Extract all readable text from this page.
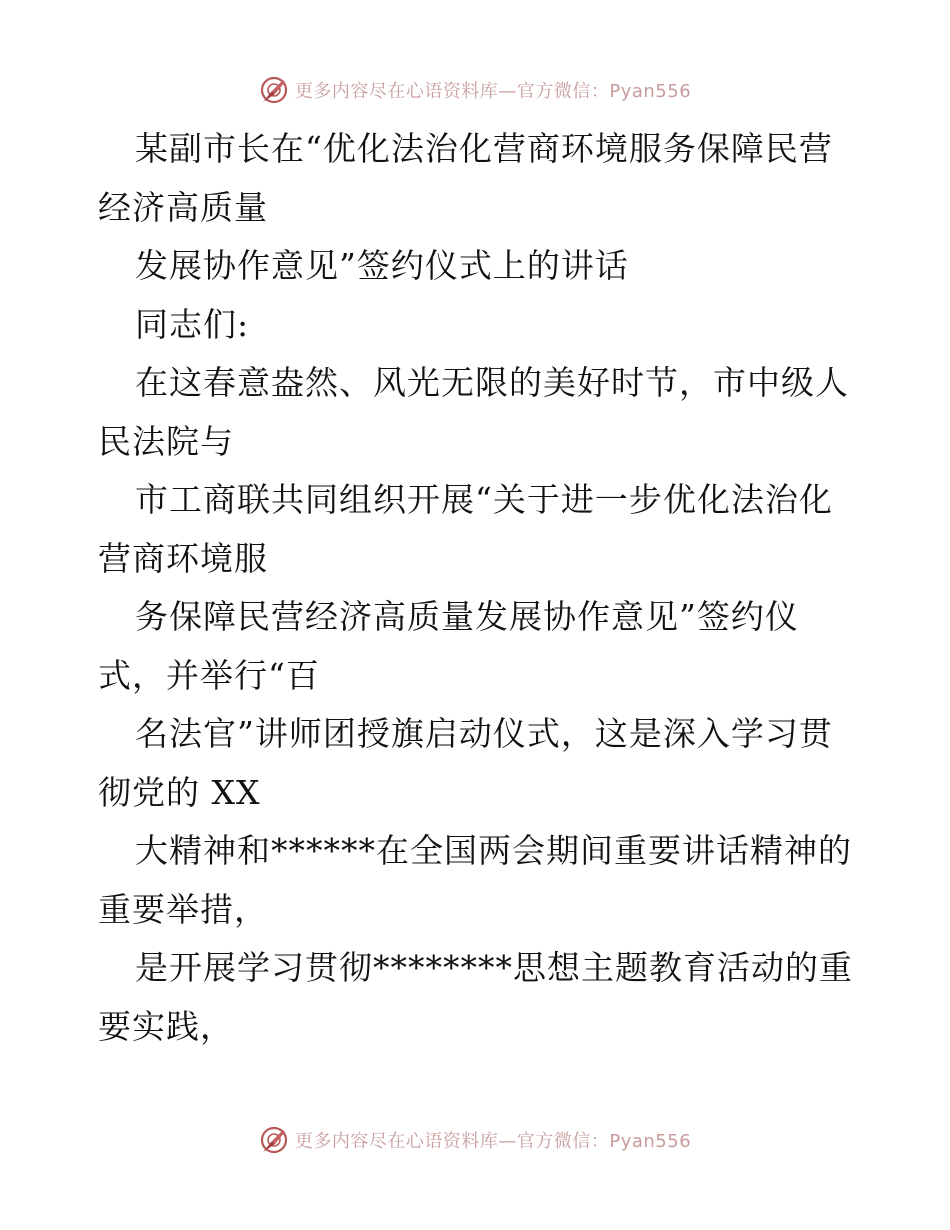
更多内容尽在心语资料库—官方微信：Pyan556
某副市长在“优化法治化营商环境服务保障民营
经济高质量
发展协作意见”签约仪式上的讲话
同志们:
在这春意盎然、风光无限的美好时节，市中级人
民法院与
市工商联共同组织开展“关于进一步优化法治化
营商环境服
务保障民营经济高质量发展协作意见”签约仪
式，并举行“百
名法官”讲师团授旗启动仪式，这是深入学习贯
彻党的 XX
大精神和******在全国两会期间重要讲话精神的
重要举措，
是开展学习贯彻********思想主题教育活动的重
要实践，
更多内容尽在心语资料库—官方微信：Pyan556
